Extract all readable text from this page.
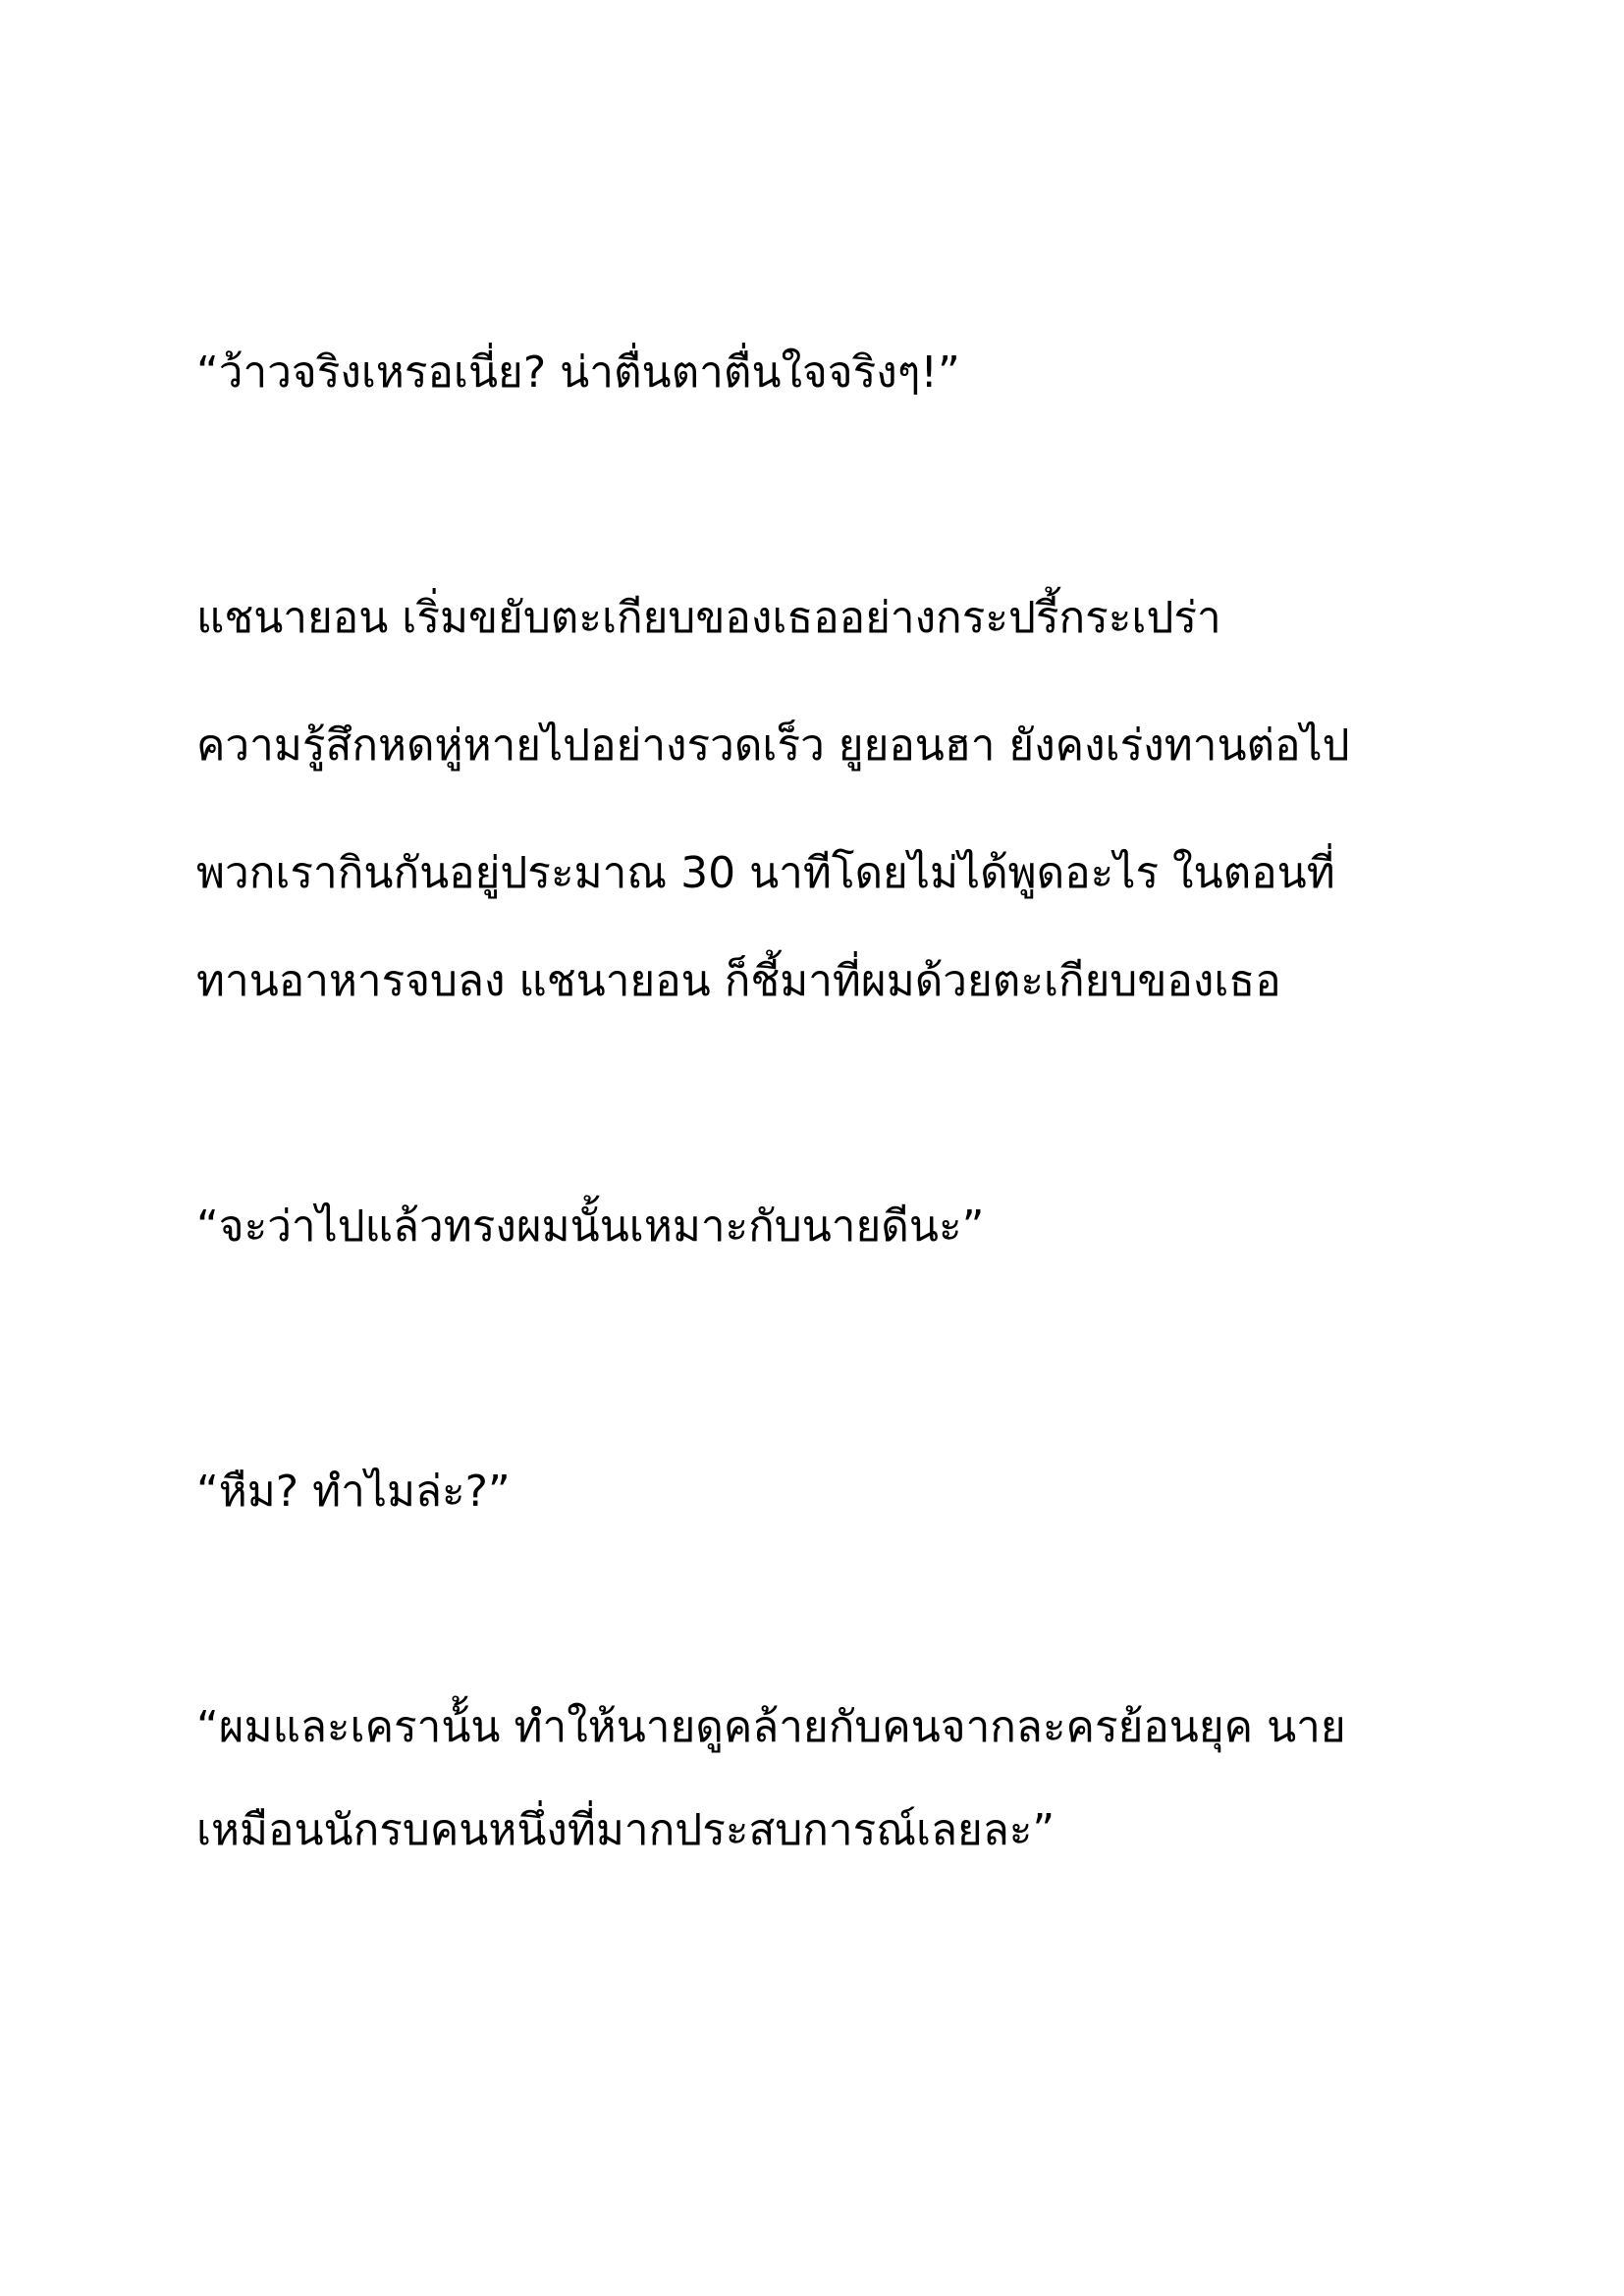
“ว้าวจริงเหรอเนี่ย? น่าตื่นตาตื่นใจจริงๆ!”

แชนายอน เริ่มขยับตะเกียบของเธออย่างกระปรี้กระเปร่า

ความรู้สึกหดหู่หายไปอย่างรวดเร็ว ยูยอนฮา ยังคงเร่งทานต่อไป

พวกเรากินกันอยู่ประมาณ 30 นาทีโดยไม่ได้พูดอะไร ในตอนที่

ทานอาหารจบลง แชนายอน ก็ชี้มาที่ผมด้วยตะเกียบของเธอ

“จะว่าไปแล้วทรงผมนั้นเหมาะกับนายดีนะ”

“หืม? ทำไมล่ะ?”

“ผมและเคราน้้น ทำให้นายดูคล้ายกับคนจากละครย้อนยุค นาย

เหมือนนักรบคนหนึ่งที่มากประสบการณ์เลยละ”
